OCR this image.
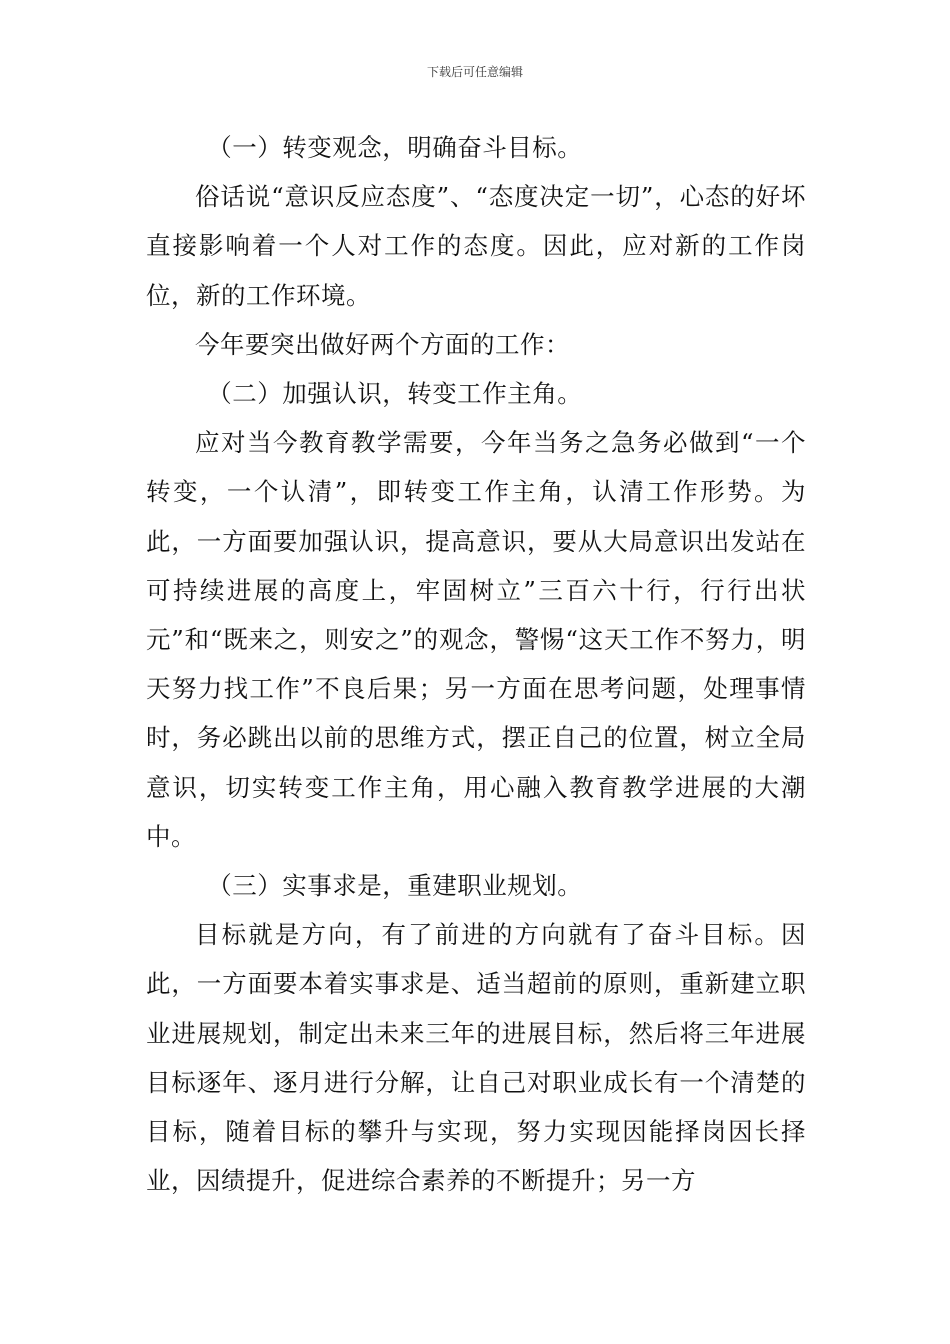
下载后可任意编辑

（一）转变观念，明确奋斗目标。

俗话说“意识反应态度”、“态度决定一切”，心态的好坏直接影响着一个人对工作的态度。因此，应对新的工作岗位，新的工作环境。

今年要突出做好两个方面的工作：

（二）加强认识，转变工作主角。

应对当今教育教学需要，今年当务之急务必做到“一个转变，一个认清”，即转变工作主角，认清工作形势。为此，一方面要加强认识，提高意识，要从大局意识出发站在可持续进展的高度上，牢固树立”三百六十行，行行出状元”和“既来之，则安之”的观念，警惕“这天工作不努力，明天努力找工作”不良后果；另一方面在思考问题，处理事情时，务必跳出以前的思维方式，摆正自己的位置，树立全局意识，切实转变工作主角，用心融入教育教学进展的大潮中。

（三）实事求是，重建职业规划。

目标就是方向，有了前进的方向就有了奋斗目标。因此，一方面要本着实事求是、适当超前的原则，重新建立职业进展规划，制定出未来三年的进展目标，然后将三年进展目标逐年、逐月进行分解，让自己对职业成长有一个清楚的目标，随着目标的攀升与实现，努力实现因能择岗因长择业，因绩提升，促进综合素养的不断提升；另一方
